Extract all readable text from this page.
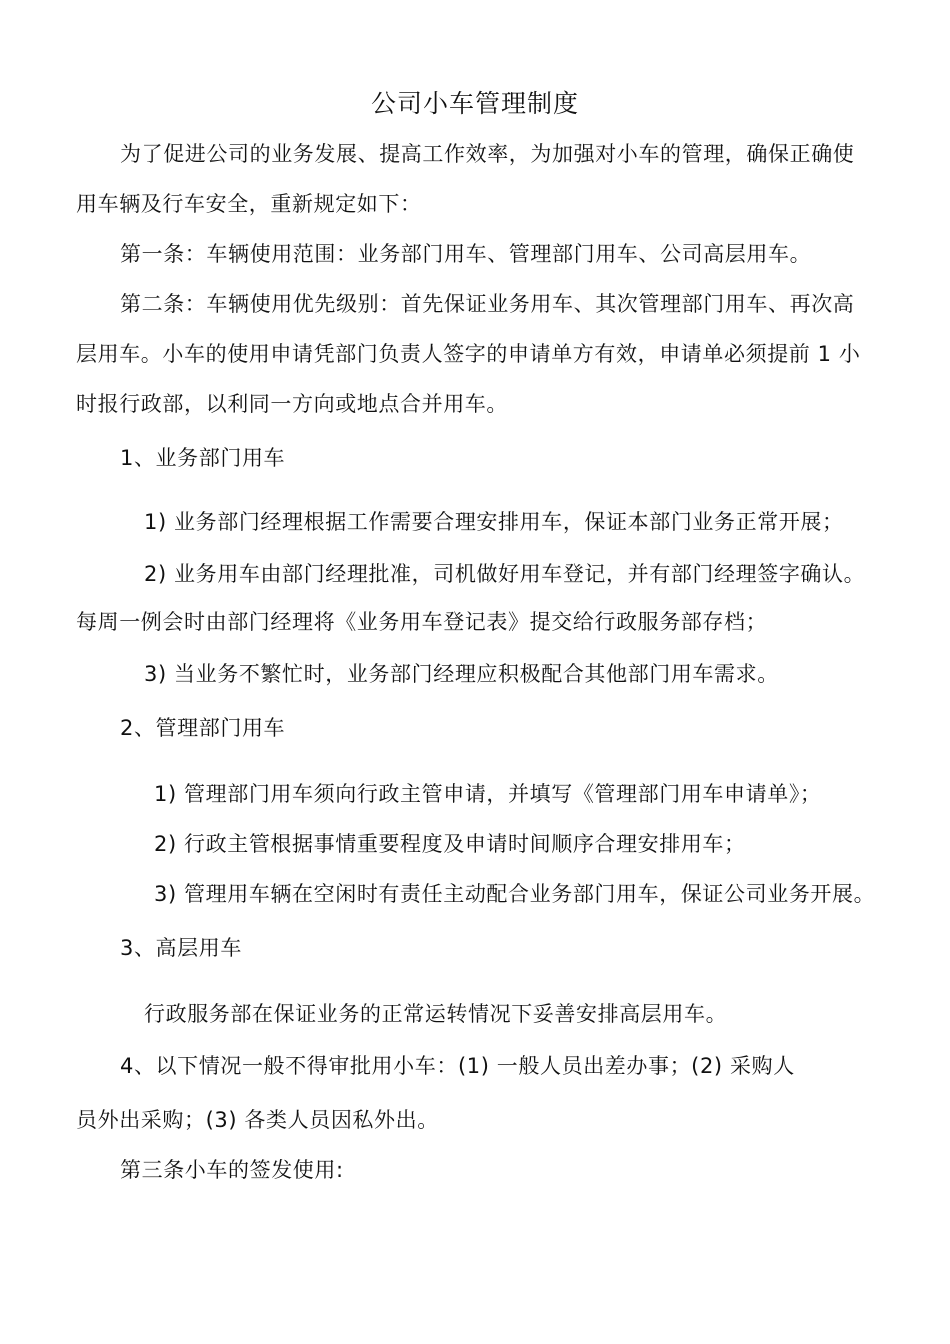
公司小车管理制度
为了促进公司的业务发展、提高工作效率，为加强对小车的管理，确保正确使
用车辆及行车安全，重新规定如下：
第一条：车辆使用范围：业务部门用车、管理部门用车、公司高层用车。
第二条：车辆使用优先级别：首先保证业务用车、其次管理部门用车、再次高
层用车。小车的使用申请凭部门负责人签字的申请单方有效，申请单必须提前 1 小
时报行政部，以利同一方向或地点合并用车。
1、业务部门用车
1) 业务部门经理根据工作需要合理安排用车，保证本部门业务正常开展；
2) 业务用车由部门经理批准，司机做好用车登记，并有部门经理签字确认。
每周一例会时由部门经理将《业务用车登记表》提交给行政服务部存档；
3) 当业务不繁忙时，业务部门经理应积极配合其他部门用车需求。
2、管理部门用车
1) 管理部门用车须向行政主管申请，并填写《管理部门用车申请单》；
2) 行政主管根据事情重要程度及申请时间顺序合理安排用车；
3) 管理用车辆在空闲时有责任主动配合业务部门用车，保证公司业务开展。
3、高层用车
行政服务部在保证业务的正常运转情况下妥善安排高层用车。
4、以下情况一般不得审批用小车：(1) 一般人员出差办事；(2) 采购人
员外出采购；(3) 各类人员因私外出。
第三条小车的签发使用:
